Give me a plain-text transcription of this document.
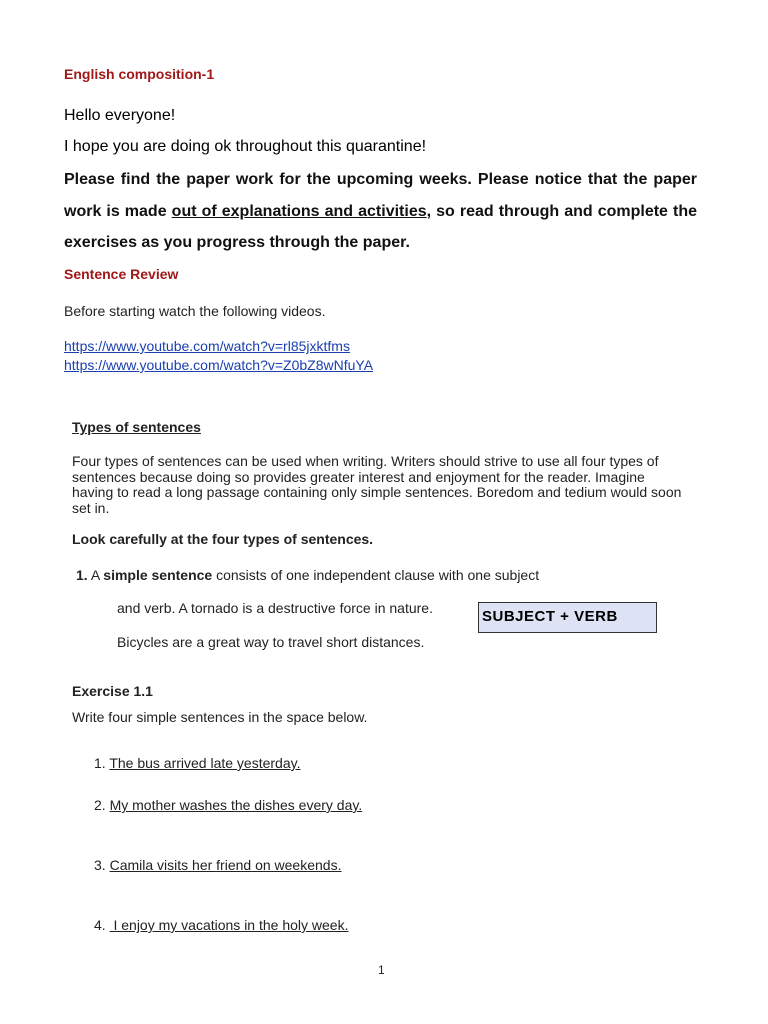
English composition-1
Hello everyone!
I hope you are doing ok throughout this quarantine!
Please find the paper work for the upcoming weeks. Please notice that the paper work is made out of explanations and activities, so read through and complete the exercises as you progress through the paper.
Sentence Review
Before starting watch the following videos.
https://www.youtube.com/watch?v=rl85jxktfms
https://www.youtube.com/watch?v=Z0bZ8wNfuYA
Types of sentences
Four types of sentences can be used when writing. Writers should strive to use all four types of sentences because doing so provides greater interest and enjoyment for the reader. Imagine having to read a long passage containing only simple sentences. Boredom and tedium would soon set in.
Look carefully at the four types of sentences.
1. A simple sentence consists of one independent clause with one subject
and verb. A tornado is a destructive force in nature.
Bicycles are a great way to travel short distances.
SUBJECT + VERB
Exercise 1.1
Write four simple sentences in the space below.
1. The bus arrived late yesterday.
2. My mother washes the dishes every day.
3. Camila visits her friend on weekends.
4.  I enjoy my vacations in the holy week.
1
